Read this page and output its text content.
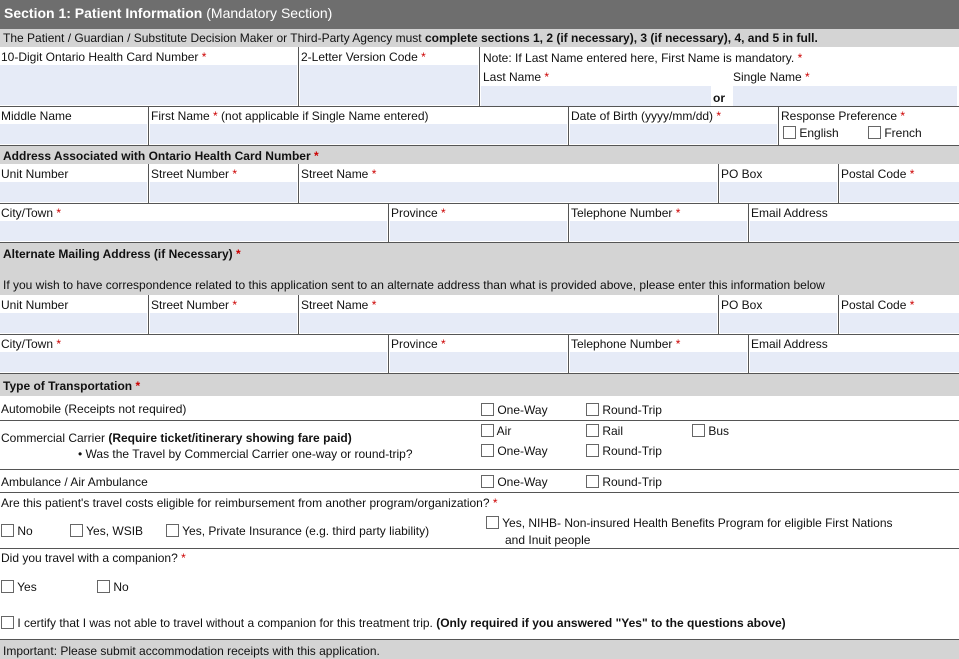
Section 1: Patient Information (Mandatory Section)
The Patient / Guardian / Substitute Decision Maker or Third-Party Agency must complete sections 1, 2 (if necessary), 3 (if necessary), 4, and 5 in full.
10-Digit Ontario Health Card Number *	2-Letter Version Code *	Note: If Last Name entered here, First Name is mandatory. *
Last Name *	Single Name *
or
Middle Name	First Name * (not applicable if Single Name entered)	Date of Birth (yyyy/mm/dd) *	Response Preference *
English	French
Address Associated with Ontario Health Card Number *
Unit Number	Street Number *	Street Name *	PO Box	Postal Code *
City/Town *	Province *	Telephone Number *	Email Address
Alternate Mailing Address (if Necessary) *
If you wish to have correspondence related to this application sent to an alternate address than what is provided above, please enter this information below
Unit Number	Street Number *	Street Name *	PO Box	Postal Code *
City/Town *	Province *	Telephone Number *	Email Address
Type of Transportation *
Automobile (Receipts not required)	One-Way	Round-Trip
Commercial Carrier (Require ticket/itinerary showing fare paid)
• Was the Travel by Commercial Carrier one-way or round-trip?
Air	Rail	Bus
One-Way	Round-Trip
Ambulance / Air Ambulance	One-Way	Round-Trip
Are this patient's travel costs eligible for reimbursement from another program/organization? *
No	Yes, WSIB	Yes, Private Insurance (e.g. third party liability)
Yes, NIHB- Non-insured Health Benefits Program for eligible First Nations
and Inuit people
Did you travel with a companion? *
Yes	No
I certify that I was not able to travel without a companion for this treatment trip. (Only required if you answered "Yes" to the questions above)
Important: Please submit accommodation receipts with this application.
